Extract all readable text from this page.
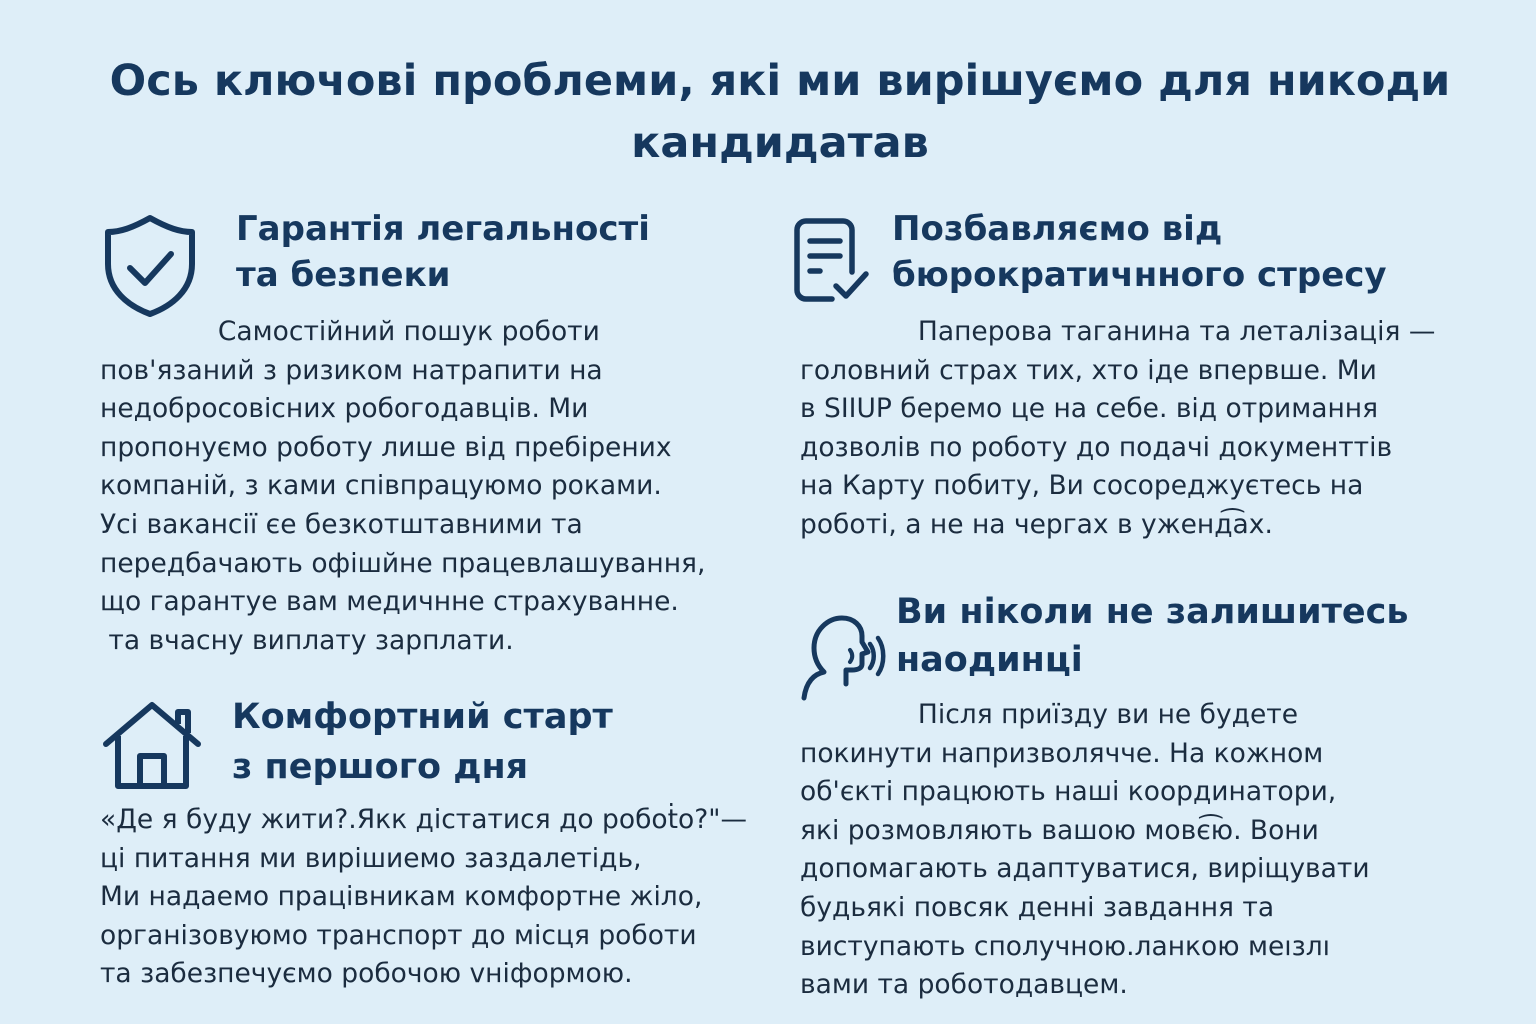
Ось ключові проблеми, які ми вирішуємо для никоди кандидатав
Гарантія легальності
та безпеки

Самостійний пошук роботи
пов'язаний з ризиком натрапити на
недобросовісних робогодавців. Ми
пропонуємо роботу лише від пребірених
компаній, з ками співпрацуюмо роками.
Усі вакансії єе безкотштавними та
передбачають офішйне працевлашування,
що гарантуе вам медичнне страхуванне.
та вчасну виплату зарплати.

Позбавляємо від
бюрократичнного стресу

Паперова таганина та леталізація —
головний страх тих, хто іде впервше. Ми
в SIIUP беремо це на себе. від отримання
дозволів по роботу до подачі документтів
на Карту побиту, Ви сосореджуєтесь на
роботі, а не на чергах в уженд͡ах.

Комфортний старт
з першого дня

«Де я буду жити?.Якк дістатися до робоṫо?"—
ці питання ми вирішиемо заздалетідь,
Ми надаемо працівникам комфортне жіло,
організовуюмо транспорт до місця роботи
та забезпечуємо робочою vніформою.

Ви ніколи не залишитесь
наодинці

Після приїзду ви не будете
покинути напризволячче. На кожном
об'єкті працюють наші координатори,
які розмовляють вашою мовє͡ю. Вони
допомагають адаптуватися, виріщувати
будьякі повсяк денні завдання та
виступають сполучною.ланкою меıзлı
вами та роботодавцем.
